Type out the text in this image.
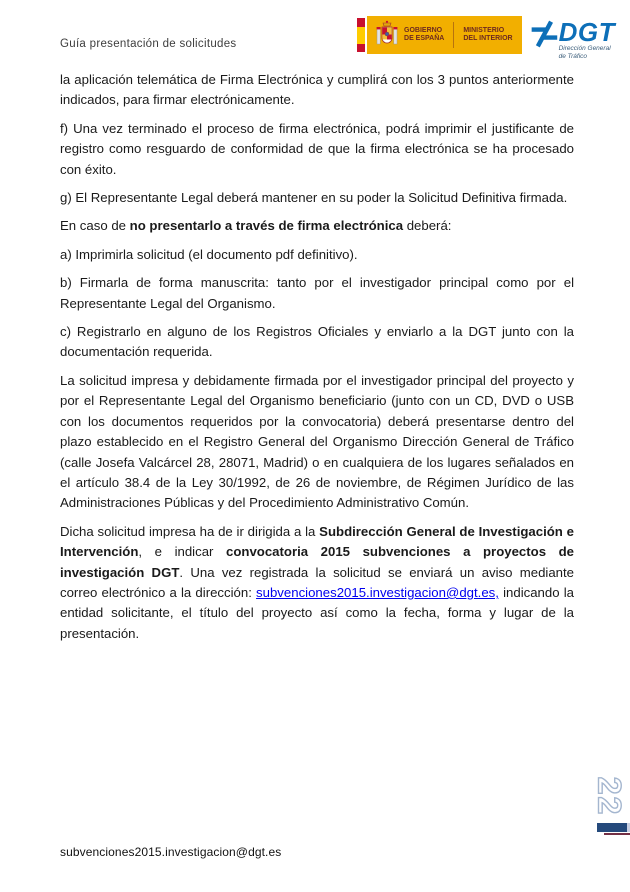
Guía presentación de solicitudes
GOBIERNO
DE ESPAÑA
MINISTERIO
DEL INTERIOR DGT
Dirección General
de Tráfico

la aplicación telemática de Firma Electrónica y cumplirá con los 3 puntos anteriormente indicados, para firmar electrónicamente.

f) Una vez terminado el proceso de firma electrónica, podrá imprimir el justificante de registro como resguardo de conformidad de que la firma electrónica se ha procesado con éxito.

g) El Representante Legal deberá mantener en su poder la Solicitud Definitiva firmada.

En caso de no presentarlo a través de firma electrónica deberá:

a) Imprimirla solicitud (el documento pdf definitivo).

b) Firmarla de forma manuscrita: tanto por el investigador principal como por el Representante Legal del Organismo.

c) Registrarlo en alguno de los Registros Oficiales y enviarlo a la DGT junto con la documentación requerida.

La solicitud impresa y debidamente firmada por el investigador principal del proyecto y por el Representante Legal del Organismo beneficiario (junto con un CD, DVD o USB con los documentos requeridos por la convocatoria) deberá presentarse dentro del plazo establecido en el Registro General del Organismo Dirección General de Tráfico (calle Josefa Valcárcel 28, 28071, Madrid) o en cualquiera de los lugares señalados en el artículo 38.4 de la Ley 30/1992, de 26 de noviembre, de Régimen Jurídico de las Administraciones Públicas y del Procedimiento Administrativo Común.

Dicha solicitud impresa ha de ir dirigida a la Subdirección General de Investigación e Intervención, e indicar convocatoria 2015 subvenciones a proyectos de investigación DGT. Una vez registrada la solicitud se enviará un aviso mediante correo electrónico a la dirección: subvenciones2015.investigacion@dgt.es, indicando la entidad solicitante, el título del proyecto así como la fecha, forma y lugar de la presentación.

22
subvenciones2015.investigacion@dgt.es
